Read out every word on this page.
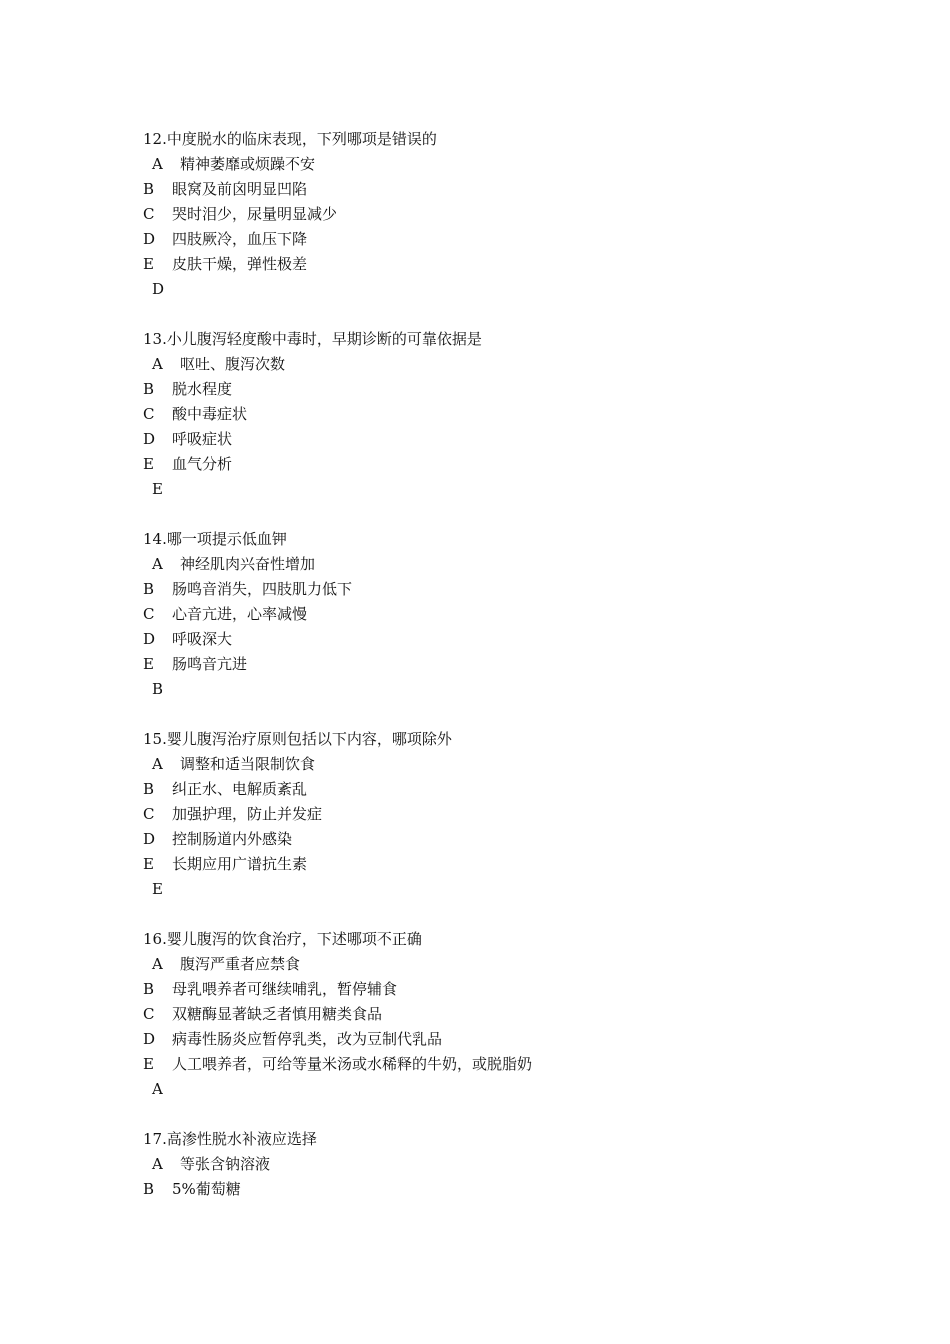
12.中度脱水的临床表现，下列哪项是错误的
A 精神萎靡或烦躁不安
B 眼窝及前囟明显凹陷
C 哭时泪少，尿量明显减少
D 四肢厥冷，血压下降
E 皮肤干燥，弹性极差
D
13.小儿腹泻轻度酸中毒时，早期诊断的可靠依据是
A 呕吐、腹泻次数
B 脱水程度
C 酸中毒症状
D 呼吸症状
E 血气分析
E
14.哪一项提示低血钾
A 神经肌肉兴奋性增加
B 肠鸣音消失，四肢肌力低下
C 心音亢进，心率减慢
D 呼吸深大
E 肠鸣音亢进
B
15.婴儿腹泻治疗原则包括以下内容，哪项除外
A 调整和适当限制饮食
B 纠正水、电解质紊乱
C 加强护理，防止并发症
D 控制肠道内外感染
E 长期应用广谱抗生素
E
16.婴儿腹泻的饮食治疗，下述哪项不正确
A 腹泻严重者应禁食
B 母乳喂养者可继续哺乳，暂停辅食
C 双糖酶显著缺乏者慎用糖类食品
D 病毒性肠炎应暂停乳类，改为豆制代乳品
E 人工喂养者，可给等量米汤或水稀释的牛奶，或脱脂奶
A
17.高渗性脱水补液应选择
A 等张含钠溶液
B 5%葡萄糖
